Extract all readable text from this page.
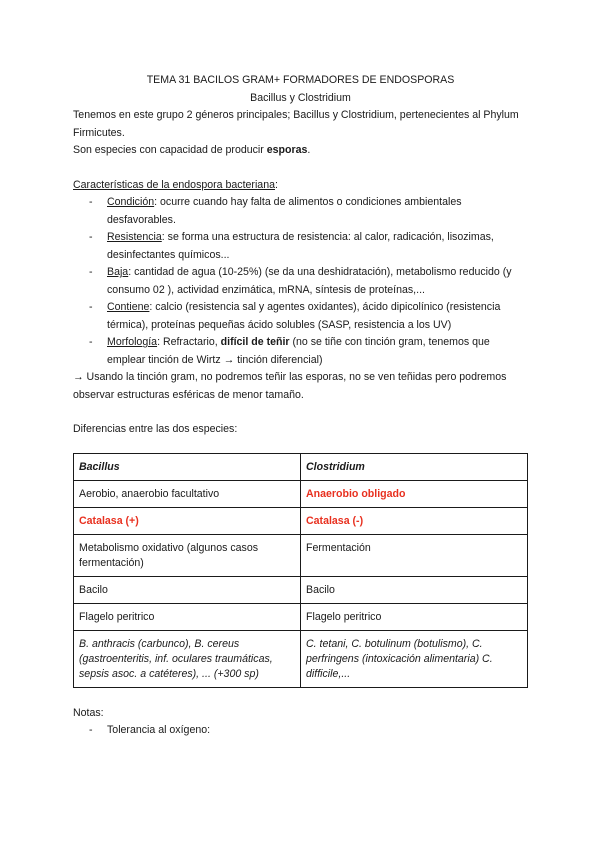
TEMA 31 BACILOS GRAM+ FORMADORES DE ENDOSPORAS

Bacillus y Clostridium

Tenemos en este grupo 2 géneros principales; Bacillus y Clostridium, pertenecientes al Phylum Firmicutes.

Son especies con capacidad de producir esporas.

Características de la endospora bacteriana:

- Condición: ocurre cuando hay falta de alimentos o condiciones ambientales desfavorables.
- Resistencia: se forma una estructura de resistencia: al calor, radicación, lisozimas, desinfectantes químicos...
- Baja: cantidad de agua (10-25%) (se da una deshidratación), metabolismo reducido (y consumo 02 ), actividad enzimática, mRNA, síntesis de proteínas,...
- Contiene: calcio (resistencia sal y agentes oxidantes), ácido dipicolínico (resistencia térmica), proteínas pequeñas ácido solubles (SASP, resistencia a los UV)
- Morfología: Refractario, difícil de teñir (no se tiñe con tinción gram, tenemos que emplear tinción de Wirtz → tinción diferencial)

→ Usando la tinción gram, no podremos teñir las esporas, no se ven teñidas pero podremos observar estructuras esféricas de menor tamaño.

Diferencias entre las dos especies:

Bacillus	Clostridium
Aerobio, anaerobio facultativo	Anaerobio obligado
Catalasa (+)	Catalasa (-)
Metabolismo oxidativo (algunos casos fermentación)	Fermentación
Bacilo	Bacilo
Flagelo peritrico	Flagelo peritrico
B. anthracis (carbunco), B. cereus (gastroenteritis, inf. oculares traumáticas, sepsis asoc. a catéteres), ... (+300 sp)	C. tetani, C. botulinum (botulismo), C. perfringens (intoxicación alimentaria) C. difficile,...

Notas:

- Tolerancia al oxígeno:
